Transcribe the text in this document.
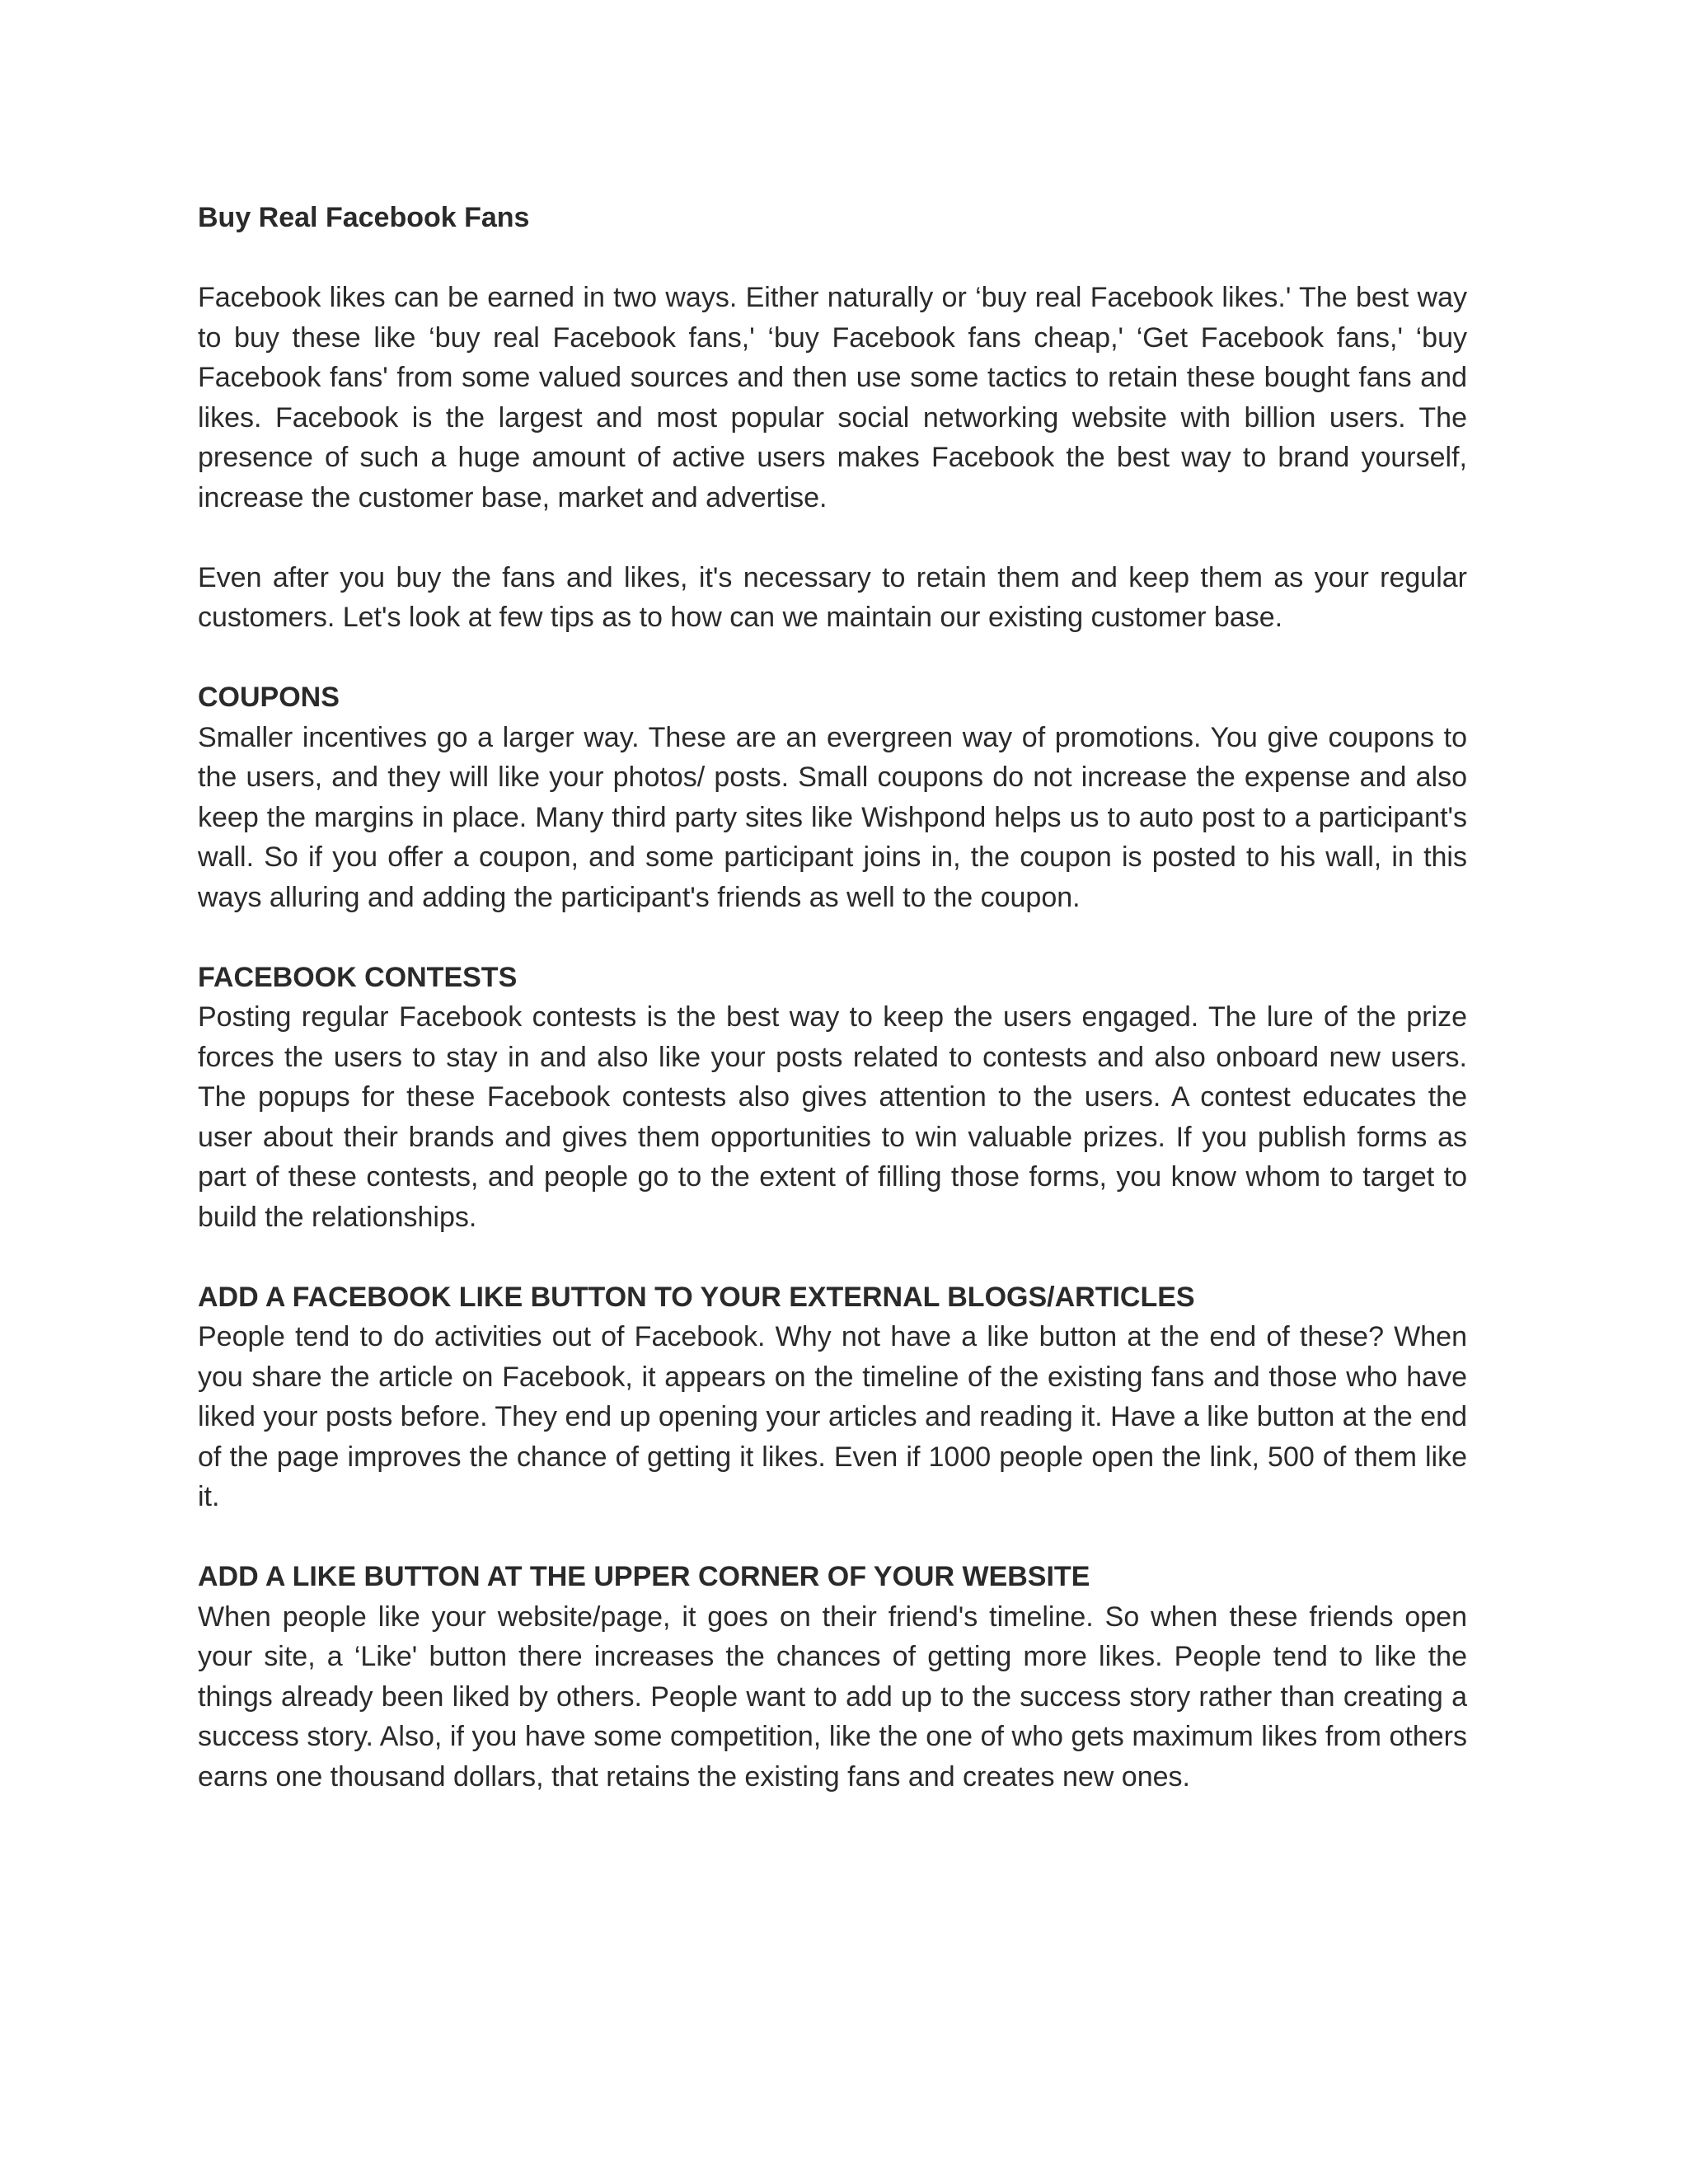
Buy Real Facebook Fans
Facebook likes can be earned in two ways. Either naturally or ‘buy real Facebook likes.' The best way to buy these like ‘buy real Facebook fans,' ‘buy Facebook fans cheap,' ‘Get Facebook fans,' ‘buy Facebook fans' from some valued sources and then use some tactics to retain these bought fans and likes. Facebook is the largest and most popular social networking website with billion users. The presence of such a huge amount of active users makes Facebook the best way to brand yourself, increase the customer base, market and advertise.
Even after you buy the fans and likes, it's necessary to retain them and keep them as your regular customers. Let's look at few tips as to how can we maintain our existing customer base.
COUPONS
Smaller incentives go a larger way. These are an evergreen way of promotions. You give coupons to the users, and they will like your photos/ posts. Small coupons do not increase the expense and also keep the margins in place. Many third party sites like Wishpond helps us to auto post to a participant's wall. So if you offer a coupon, and some participant joins in, the coupon is posted to his wall, in this ways alluring and adding the participant's friends as well to the coupon.
FACEBOOK CONTESTS
Posting regular Facebook contests is the best way to keep the users engaged. The lure of the prize forces the users to stay in and also like your posts related to contests and also onboard new users. The popups for these Facebook contests also gives attention to the users. A contest educates the user about their brands and gives them opportunities to win valuable prizes. If you publish forms as part of these contests, and people go to the extent of filling those forms, you know whom to target to build the relationships.
ADD A FACEBOOK LIKE BUTTON TO YOUR EXTERNAL BLOGS/ARTICLES
People tend to do activities out of Facebook. Why not have a like button at the end of these? When you share the article on Facebook, it appears on the timeline of the existing fans and those who have liked your posts before. They end up opening your articles and reading it. Have a like button at the end of the page improves the chance of getting it likes. Even if 1000 people open the link, 500 of them like it.
ADD A LIKE BUTTON AT THE UPPER CORNER OF YOUR WEBSITE
When people like your website/page, it goes on their friend's timeline. So when these friends open your site, a ‘Like' button there increases the chances of getting more likes. People tend to like the things already been liked by others. People want to add up to the success story rather than creating a success story. Also, if you have some competition, like the one of who gets maximum likes from others earns one thousand dollars, that retains the existing fans and creates new ones.
